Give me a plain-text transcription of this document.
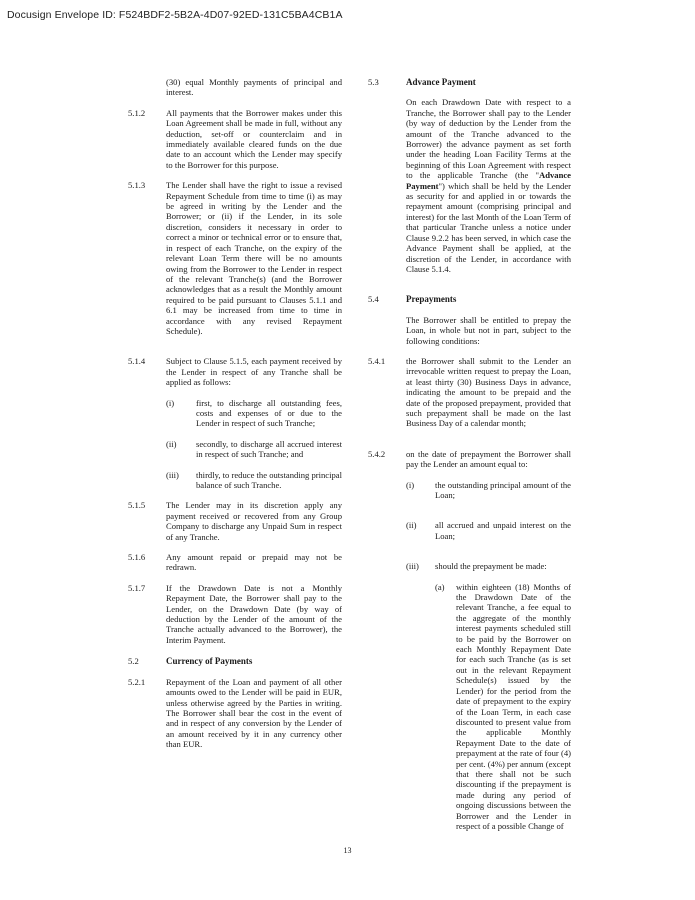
Docusign Envelope ID: F524BDF2-5B2A-4D07-92ED-131C5BA4CB1A

(30) equal Monthly payments of principal and interest.

5.1.2 All payments that the Borrower makes under this Loan Agreement shall be made in full, without any deduction, set-off or counterclaim and in immediately available cleared funds on the due date to an account which the Lender may specify to the Borrower for this purpose.

5.1.3 The Lender shall have the right to issue a revised Repayment Schedule from time to time (i) as may be agreed in writing by the Lender and the Borrower; or (ii) if the Lender, in its sole discretion, considers it necessary in order to correct a minor or technical error or to ensure that, in respect of each Tranche, on the expiry of the relevant Loan Term there will be no amounts owing from the Borrower to the Lender in respect of the relevant Tranche(s) (and the Borrower acknowledges that as a result the Monthly amount required to be paid pursuant to Clauses 5.1.1 and 6.1 may be increased from time to time in accordance with any revised Repayment Schedule).

5.1.4 Subject to Clause 5.1.5, each payment received by the Lender in respect of any Tranche shall be applied as follows:

(i)	first, to discharge all outstanding fees, costs and expenses of or due to the Lender in respect of such Tranche;

(ii) secondly, to discharge all accrued interest in respect of such Tranche; and

(iii) thirdly, to reduce the outstanding principal balance of such Tranche.

5.1.5 The Lender may in its discretion apply any payment received or recovered from any Group Company to discharge any Unpaid Sum in respect of any Tranche.

5.1.6 Any amount repaid or prepaid may not be redrawn.

5.1.7 If the Drawdown Date is not a Monthly Repayment Date, the Borrower shall pay to the Lender, on the Drawdown Date (by way of deduction by the Lender of the amount of the Tranche actually advanced to the Borrower), the Interim Payment.

5.2	Currency of Payments

5.2.1 Repayment of the Loan and payment of all other amounts owed to the Lender will be paid in EUR, unless otherwise agreed by the Parties in writing. The Borrower shall bear the cost in the event of and in respect of any conversion by the Lender of an amount received by it in any currency other than EUR.

5.3	Advance Payment

On each Drawdown Date with respect to a Tranche, the Borrower shall pay to the Lender (by way of deduction by the Lender from the amount of the Tranche advanced to the Borrower) the advance payment as set forth under the heading Loan Facility Terms at the beginning of this Loan Agreement with respect to the applicable Tranche (the "Advance Payment") which shall be held by the Lender as security for and applied in or towards the repayment amount (comprising principal and interest) for the last Month of the Loan Term of that particular Tranche unless a notice under Clause 9.2.2 has been served, in which case the Advance Payment shall be applied, at the discretion of the Lender, in accordance with Clause 5.1.4.

5.4	Prepayments

The Borrower shall be entitled to prepay the Loan, in whole but not in part, subject to the following conditions:

5.4.1 the Borrower shall submit to the Lender an irrevocable written request to prepay the Loan, at least thirty (30) Business Days in advance, indicating the amount to be prepaid and the date of the proposed prepayment, provided that such prepayment shall be made on the last Business Day of a calendar month;

5.4.2 on the date of prepayment the Borrower shall pay the Lender an amount equal to:

(i) the outstanding principal amount of the Loan;

(ii) all accrued and unpaid interest on the Loan;

(iii) should the prepayment be made:

(a) within eighteen (18) Months of the Drawdown Date of the relevant Tranche, a fee equal to the aggregate of the monthly interest payments scheduled still to be paid by the Borrower on each Monthly Repayment Date for each such Tranche (as is set out in the relevant Repayment Schedule(s) issued by the Lender) for the period from the date of prepayment to the expiry of the Loan Term, in each case discounted to present value from the applicable Monthly Repayment Date to the date of prepayment at the rate of four (4) per cent. (4%) per annum (except that there shall not be such discounting if the prepayment is made during any period of ongoing discussions between the Borrower and the Lender in respect of a possible Change of

13
